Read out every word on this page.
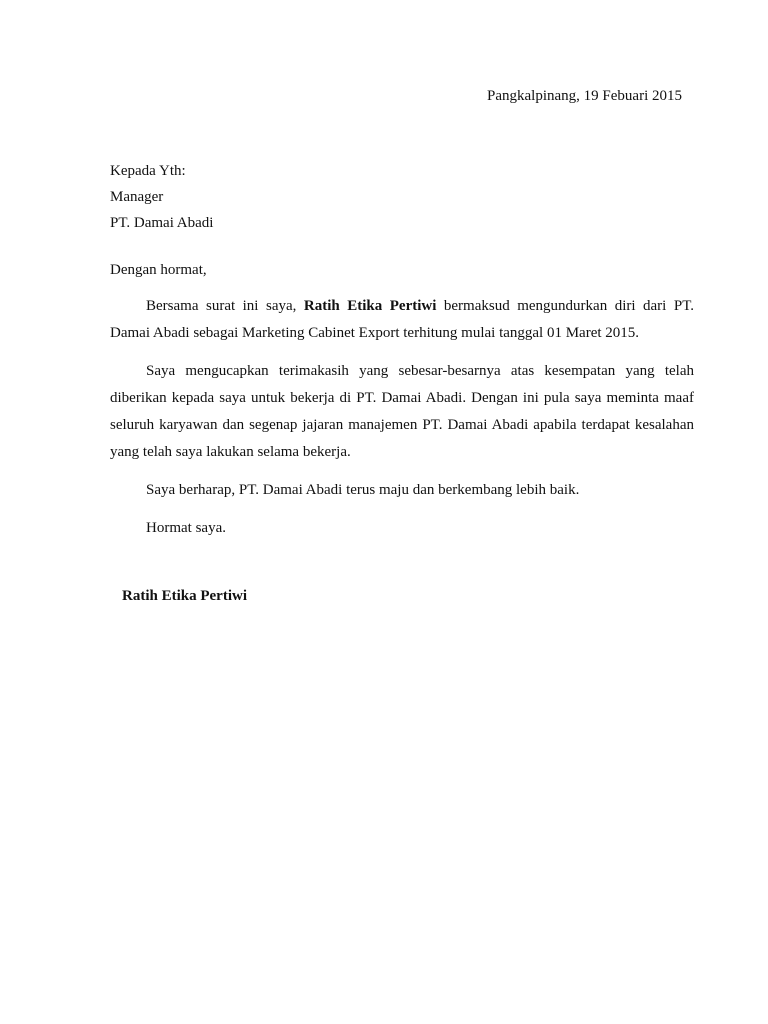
Pangkalpinang, 19 Febuari 2015
Kepada Yth:
Manager
PT. Damai Abadi
Dengan hormat,

Bersama surat ini saya, Ratih Etika Pertiwi bermaksud mengundurkan diri dari PT. Damai Abadi sebagai Marketing Cabinet Export terhitung mulai tanggal 01 Maret 2015.

Saya mengucapkan terimakasih yang sebesar-besarnya atas kesempatan yang telah diberikan kepada saya untuk bekerja di PT. Damai Abadi. Dengan ini pula saya meminta maaf seluruh karyawan dan segenap jajaran manajemen PT. Damai Abadi apabila terdapat kesalahan yang telah saya lakukan selama bekerja.

Saya berharap, PT. Damai Abadi terus maju dan berkembang lebih baik.

Hormat saya.

Ratih Etika Pertiwi
